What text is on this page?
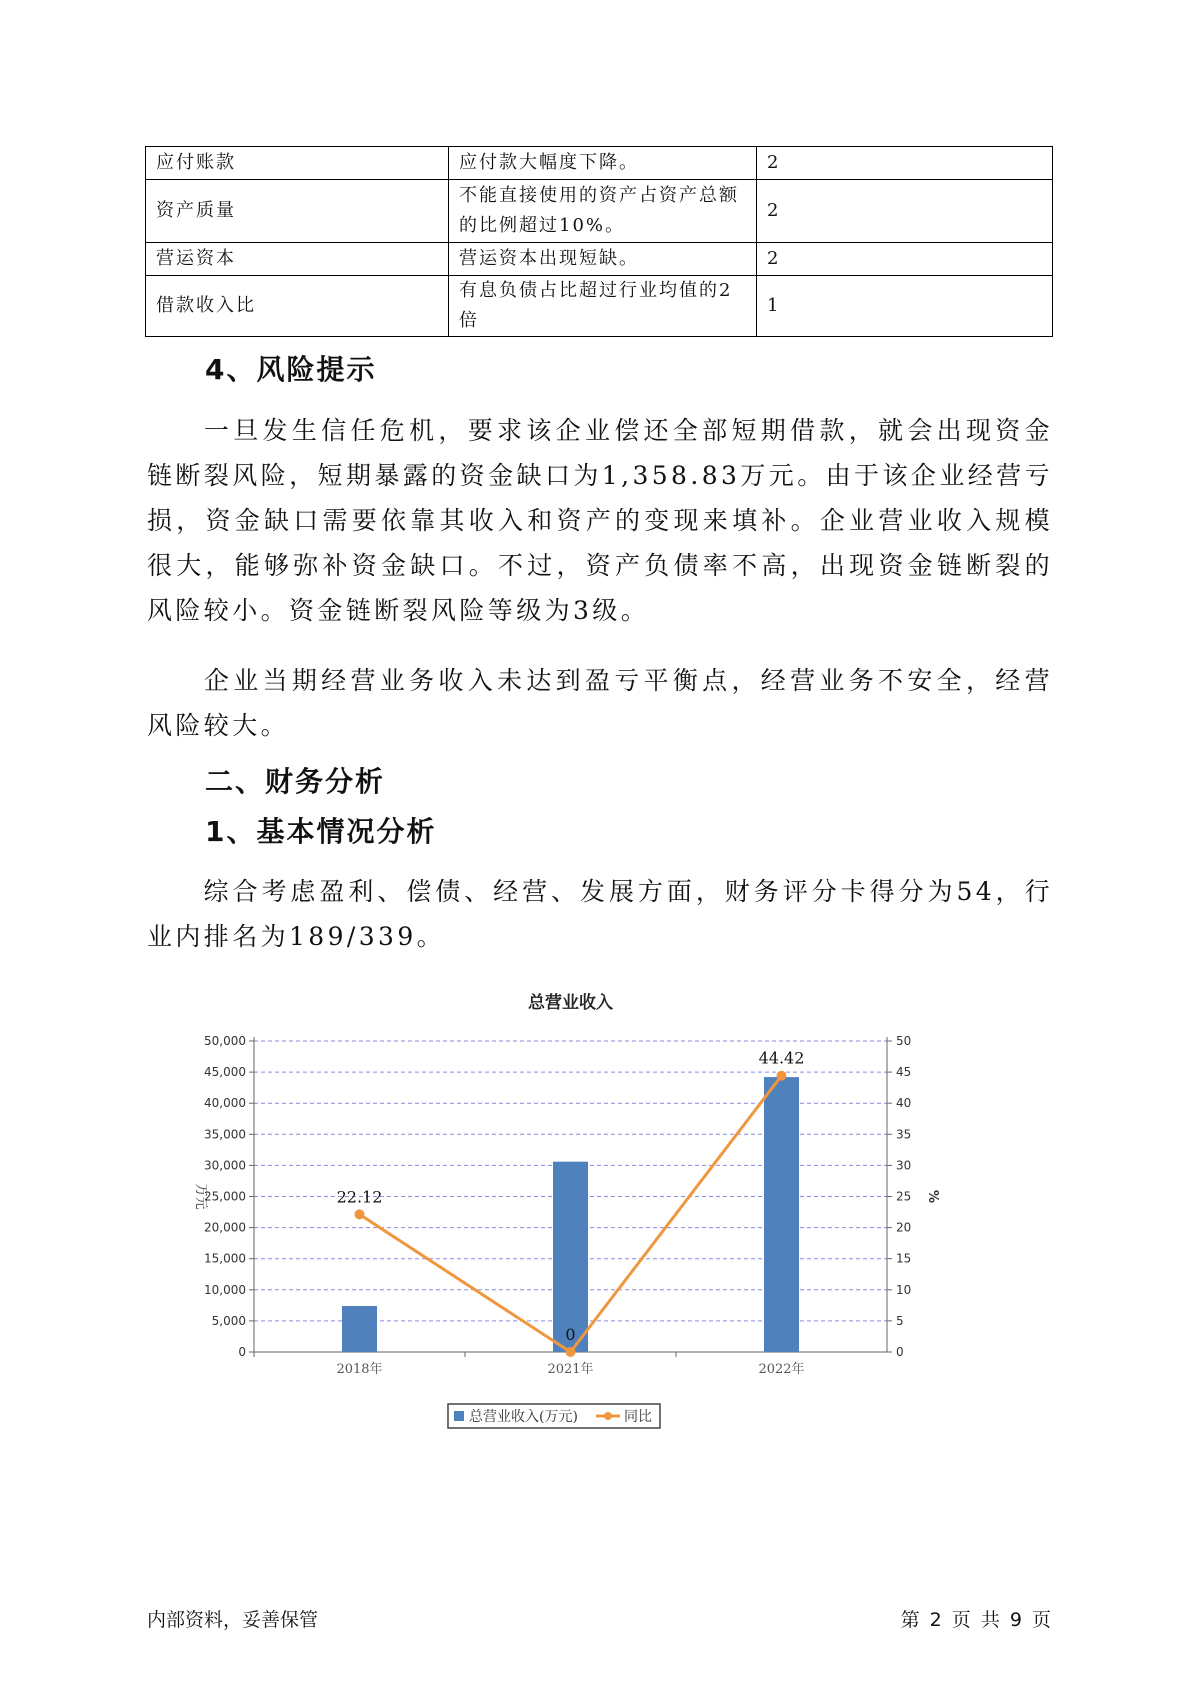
应付账款	应付款大幅度下降。	2
资产质量	不能直接使用的资产占资产总额的比例超过10%。	2
营运资本	营运资本出现短缺。	2
借款收入比	有息负债占比超过行业均值的2倍	1
4、风险提示

一旦发生信任危机，要求该企业偿还全部短期借款，就会出现资金链断裂风险，短期暴露的资金缺口为1,358.83万元。由于该企业经营亏损，资金缺口需要依靠其收入和资产的变现来填补。企业营业收入规模很大，能够弥补资金缺口。不过，资产负债率不高，出现资金链断裂的风险较小。资金链断裂风险等级为3级。

企业当期经营业务收入未达到盈亏平衡点，经营业务不安全，经营风险较大。

二、财务分析
1、基本情况分析

综合考虑盈利、偿债、经营、发展方面，财务评分卡得分为54，行业内排名为189/339。

总营业收入
0	0
5,000	5
10,000	10
15,000	15
20,000	20
25,000	25
30,000	30
35,000	35
40,000	40
45,000	45
50,000	50
万元	%
2018年	2021年	2022年
22.12
0
44.42
总营业收入(万元)	同比
内部资料，妥善保管	第 2 页 共 9 页
